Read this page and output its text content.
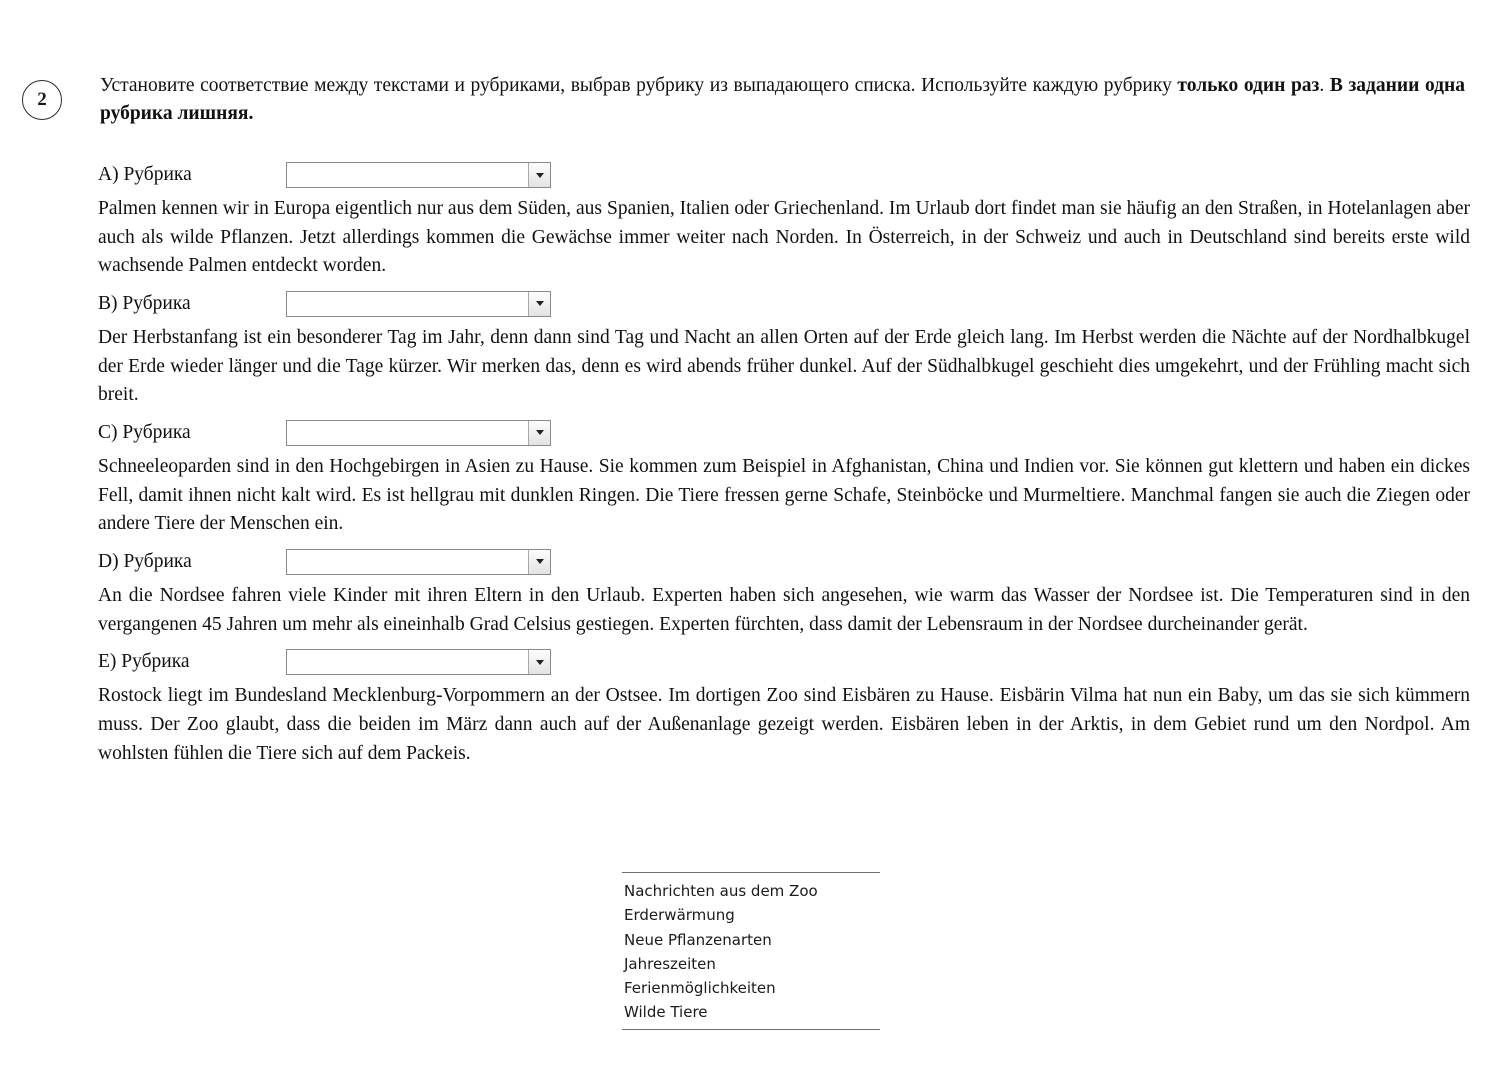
2
Установите соответствие между текстами и рубриками, выбрав рубрику из выпадающего списка. Используйте каждую рубрику только один раз. В задании одна рубрика лишняя.
A) Рубрика

Palmen kennen wir in Europa eigentlich nur aus dem Süden, aus Spanien, Italien oder Griechenland. Im Urlaub dort findet man sie häufig an den Straßen, in Hotelanlagen aber auch als wilde Pflanzen. Jetzt allerdings kommen die Gewächse immer weiter nach Norden. In Österreich, in der Schweiz und auch in Deutschland sind bereits erste wild wachsende Palmen entdeckt worden.

B) Рубрика

Der Herbstanfang ist ein besonderer Tag im Jahr, denn dann sind Tag und Nacht an allen Orten auf der Erde gleich lang. Im Herbst werden die Nächte auf der Nordhalbkugel der Erde wieder länger und die Tage kürzer. Wir merken das, denn es wird abends früher dunkel. Auf der Südhalbkugel geschieht dies umgekehrt, und der Frühling macht sich breit.

C) Рубрика

Schneeleoparden sind in den Hochgebirgen in Asien zu Hause. Sie kommen zum Beispiel in Afghanistan, China und Indien vor. Sie können gut klettern und haben ein dickes Fell, damit ihnen nicht kalt wird. Es ist hellgrau mit dunklen Ringen. Die Tiere fressen gerne Schafe, Steinböcke und Murmeltiere. Manchmal fangen sie auch die Ziegen oder andere Tiere der Menschen ein.

D) Рубрика

An die Nordsee fahren viele Kinder mit ihren Eltern in den Urlaub. Experten haben sich angesehen, wie warm das Wasser der Nordsee ist. Die Temperaturen sind in den vergangenen 45 Jahren um mehr als eineinhalb Grad Celsius gestiegen. Experten fürchten, dass damit der Lebensraum in der Nordsee durcheinander gerät.

E) Рубрика

Rostock liegt im Bundesland Mecklenburg-Vorpommern an der Ostsee. Im dortigen Zoo sind Eisbären zu Hause. Eisbärin Vilma hat nun ein Baby, um das sie sich kümmern muss. Der Zoo glaubt, dass die beiden im März dann auch auf der Außenanlage gezeigt werden. Eisbären leben in der Arktis, in dem Gebiet rund um den Nordpol. Am wohlsten fühlen die Tiere sich auf dem Packeis.

Nachrichten aus dem Zoo
Erderwärmung
Neue Pflanzenarten
Jahreszeiten
Ferienmöglichkeiten
Wilde Tiere
